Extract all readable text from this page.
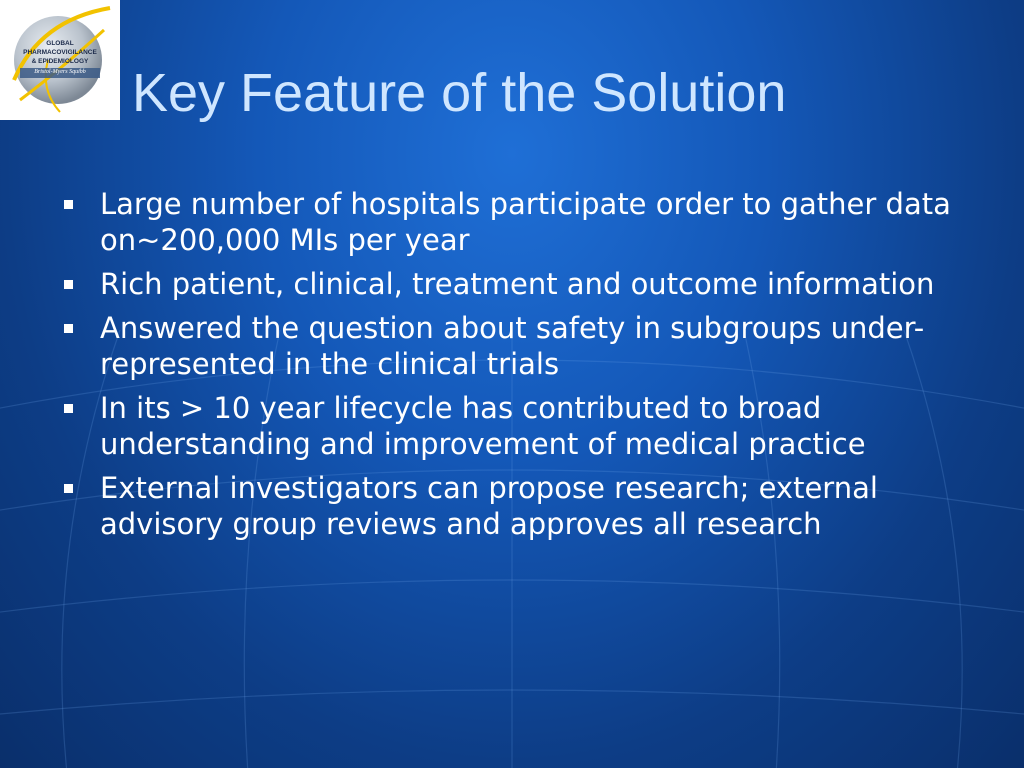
GLOBAL
PHARMACOVIGILANCE
& EPIDEMIOLOGY
Bristol-Myers Squibb Key Feature of the Solution
Large number of hospitals participate order to gather data on~200,000 MIs per year
Rich patient, clinical, treatment and outcome information
Answered the question about safety in subgroups under-represented in the clinical trials
In its > 10 year lifecycle has contributed to broad understanding and improvement of medical practice
External investigators can propose research; external advisory group reviews and approves all research
